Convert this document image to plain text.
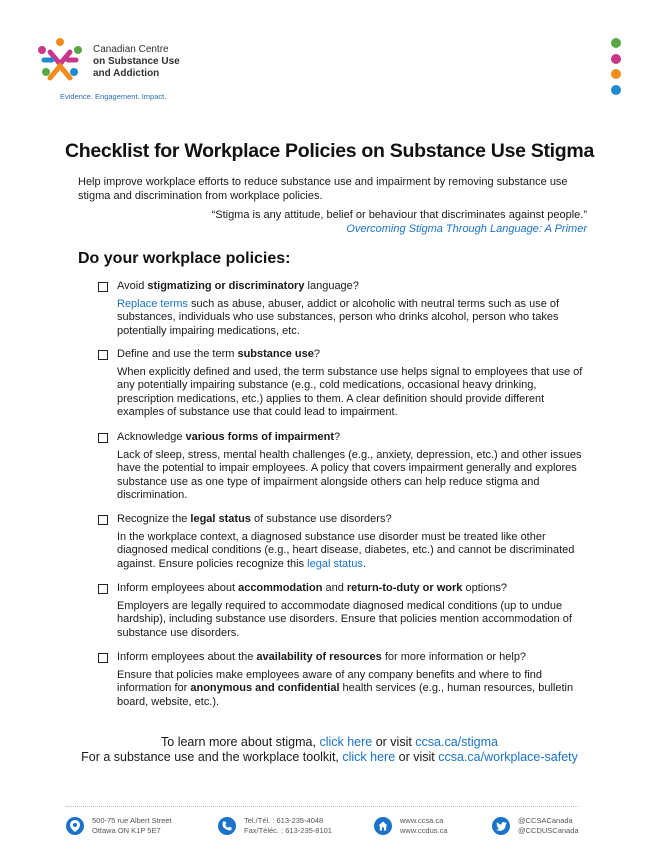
Canadian Centre
on Substance Use
and Addiction
Evidence. Engagement. Impact.
Checklist for Workplace Policies on Substance Use Stigma

Help improve workplace efforts to reduce substance use and impairment by removing substance use stigma and discrimination from workplace policies.

“Stigma is any attitude, belief or behaviour that discriminates against people.”
Overcoming Stigma Through Language: A Primer
Do your workplace policies:
Avoid stigmatizing or discriminatory language?
Replace terms such as abuse, abuser, addict or alcoholic with neutral terms such as use of substances, individuals who use substances, person who drinks alcohol, person who takes potentially impairing medications, etc.
Define and use the term substance use?
When explicitly defined and used, the term substance use helps signal to employees that use of any potentially impairing substance (e.g., cold medications, occasional heavy drinking, prescription medications, etc.) applies to them. A clear definition should provide different examples of substance use that could lead to impairment.
Acknowledge various forms of impairment?
Lack of sleep, stress, mental health challenges (e.g., anxiety, depression, etc.) and other issues have the potential to impair employees. A policy that covers impairment generally and explores substance use as one type of impairment alongside others can help reduce stigma and discrimination.
Recognize the legal status of substance use disorders?
In the workplace context, a diagnosed substance use disorder must be treated like other diagnosed medical conditions (e.g., heart disease, diabetes, etc.) and cannot be discriminated against. Ensure policies recognize this legal status.
Inform employees about accommodation and return-to-duty or work options?
Employers are legally required to accommodate diagnosed medical conditions (up to undue hardship), including substance use disorders. Ensure that policies mention accommodation of substance use disorders.
Inform employees about the availability of resources for more information or help?
Ensure that policies make employees aware of any company benefits and where to find information for anonymous and confidential health services (e.g., human resources, bulletin board, website, etc.).
To learn more about stigma, click here or visit ccsa.ca/stigma
For a substance use and the workplace toolkit, click here or visit ccsa.ca/workplace-safety
500-75 rue Albert Street
Ottawa ON K1P 5E7
Tel./Tél. : 613-235-4048
Fax/Téléc. : 613-235-8101
www.ccsa.ca
www.ccdus.ca
@CCSACanada
@CCDUSCanada
